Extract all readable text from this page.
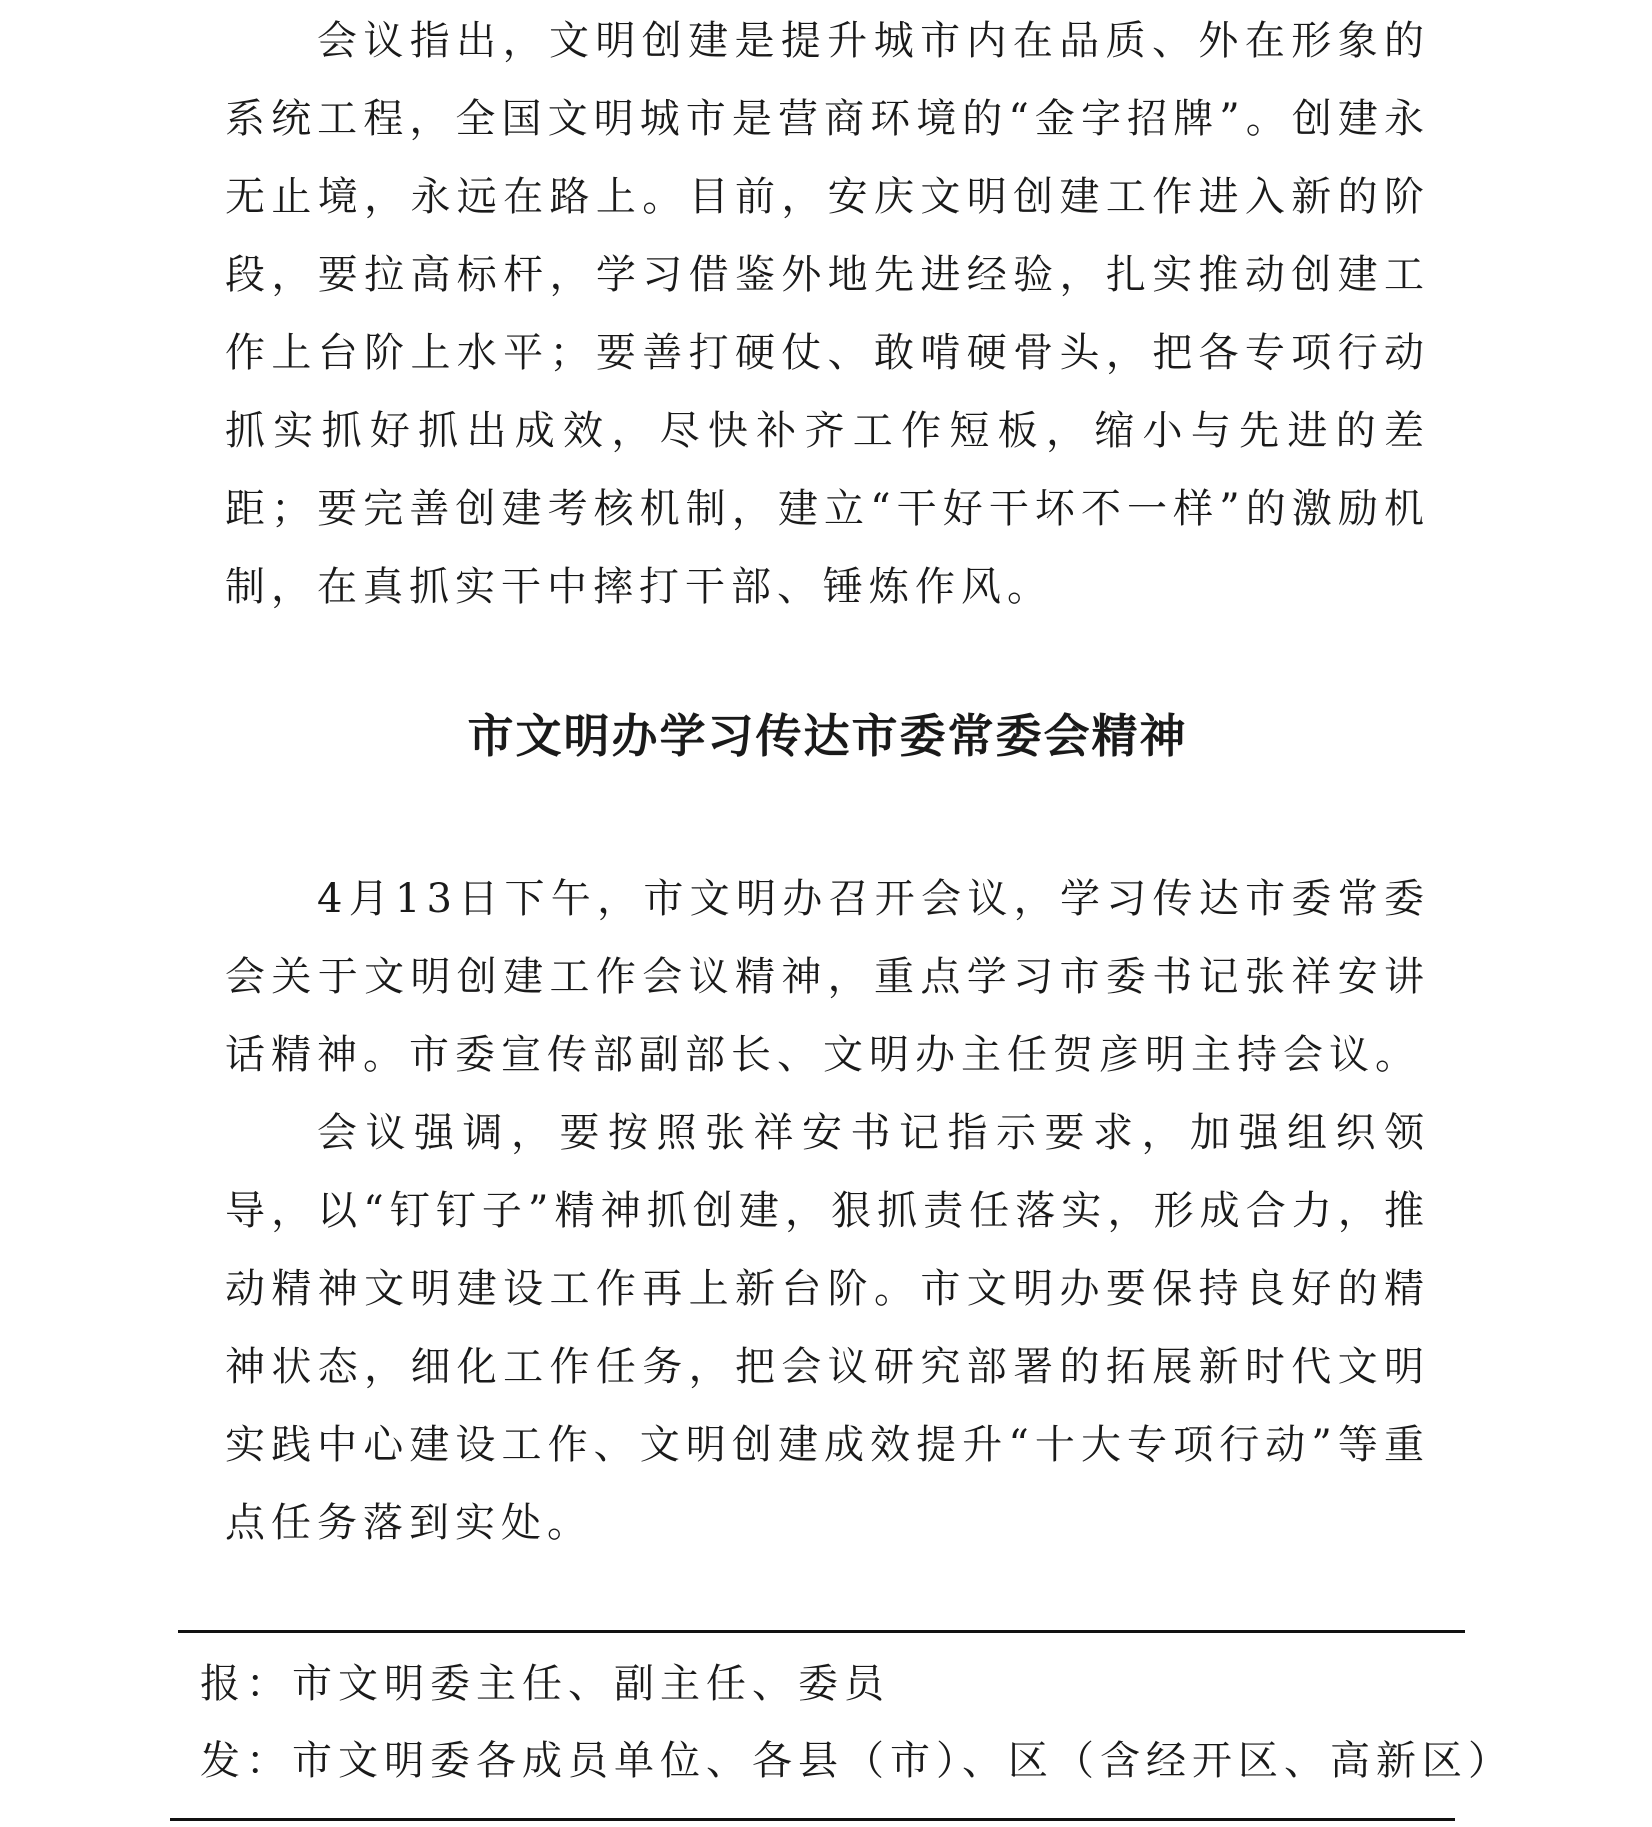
会议指出，文明创建是提升城市内在品质、外在形象的系统工程，全国文明城市是营商环境的“金字招牌”。创建永无止境，永远在路上。目前，安庆文明创建工作进入新的阶段，要拉高标杆，学习借鉴外地先进经验，扎实推动创建工作上台阶上水平；要善打硬仗、敢啃硬骨头，把各专项行动抓实抓好抓出成效，尽快补齐工作短板，缩小与先进的差距；要完善创建考核机制，建立“干好干坏不一样”的激励机制，在真抓实干中摔打干部、锤炼作风。

市文明办学习传达市委常委会精神

4月13日下午，市文明办召开会议，学习传达市委常委会关于文明创建工作会议精神，重点学习市委书记张祥安讲话精神。市委宣传部副部长、文明办主任贺彦明主持会议。

会议强调，要按照张祥安书记指示要求，加强组织领导，以“钉钉子”精神抓创建，狠抓责任落实，形成合力，推动精神文明建设工作再上新台阶。市文明办要保持良好的精神状态，细化工作任务，把会议研究部署的拓展新时代文明实践中心建设工作、文明创建成效提升“十大专项行动”等重点任务落到实处。

报：市文明委主任、副主任、委员
发：市文明委各成员单位、各县（市）、区（含经开区、高新区）
